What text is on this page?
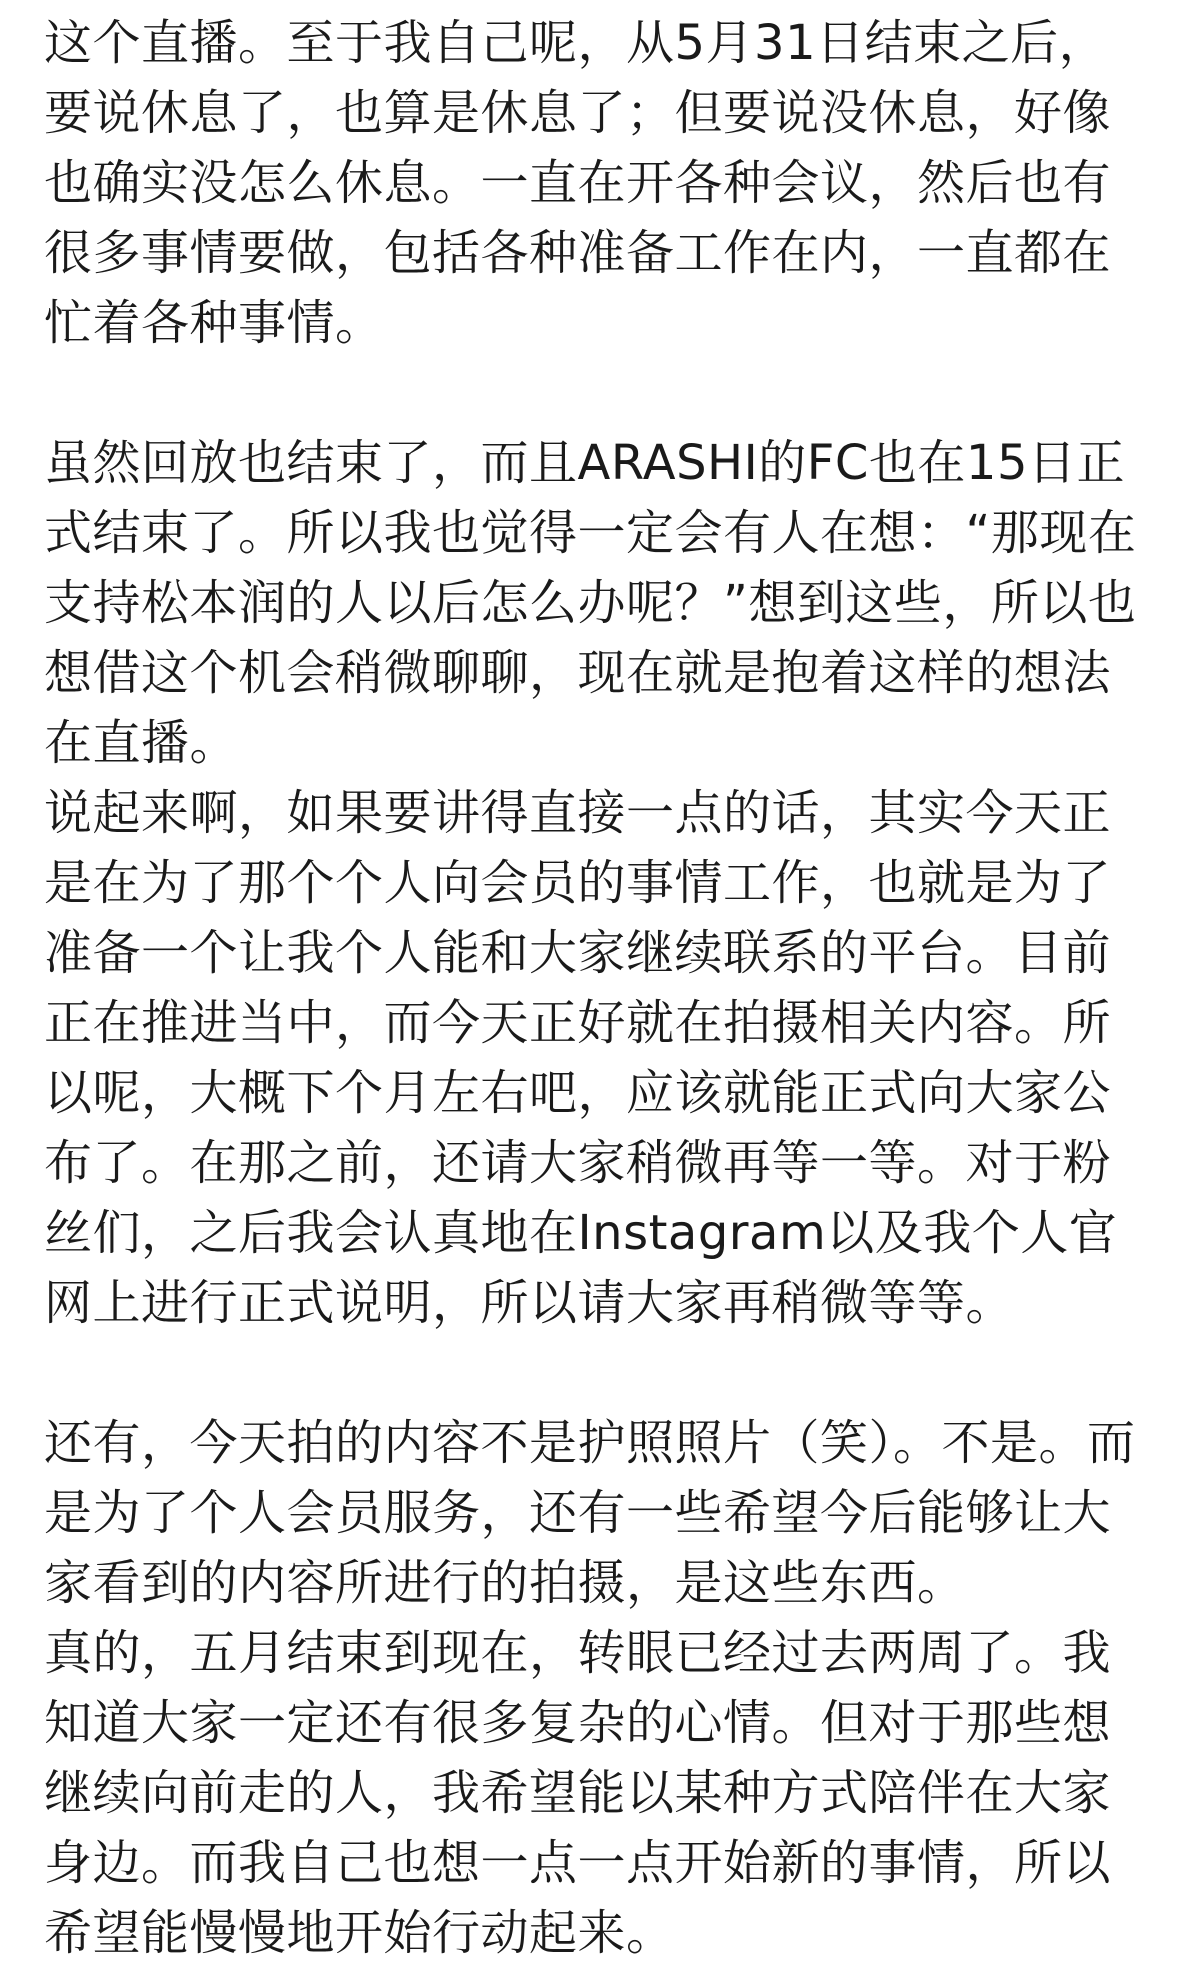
这个直播。至于我自己呢，从5月31日结束之后，
要说休息了，也算是休息了；但要说没休息，好像
也确实没怎么休息。一直在开各种会议，然后也有
很多事情要做，包括各种准备工作在内，一直都在
忙着各种事情。
虽然回放也结束了，而且ARASHI的FC也在15日正
式结束了。所以我也觉得一定会有人在想：“那现在
支持松本润的人以后怎么办呢？”想到这些，所以也
想借这个机会稍微聊聊，现在就是抱着这样的想法
在直播。
说起来啊，如果要讲得直接一点的话，其实今天正
是在为了那个个人向会员的事情工作，也就是为了
准备一个让我个人能和大家继续联系的平台。目前
正在推进当中，而今天正好就在拍摄相关内容。所
以呢，大概下个月左右吧，应该就能正式向大家公
布了。在那之前，还请大家稍微再等一等。对于粉
丝们，之后我会认真地在Instagram以及我个人官
网上进行正式说明，所以请大家再稍微等等。
还有，今天拍的内容不是护照照片（笑）。不是。而
是为了个人会员服务，还有一些希望今后能够让大
家看到的内容所进行的拍摄，是这些东西。
真的，五月结束到现在，转眼已经过去两周了。我
知道大家一定还有很多复杂的心情。但对于那些想
继续向前走的人，我希望能以某种方式陪伴在大家
身边。而我自己也想一点一点开始新的事情，所以
希望能慢慢地开始行动起来。
